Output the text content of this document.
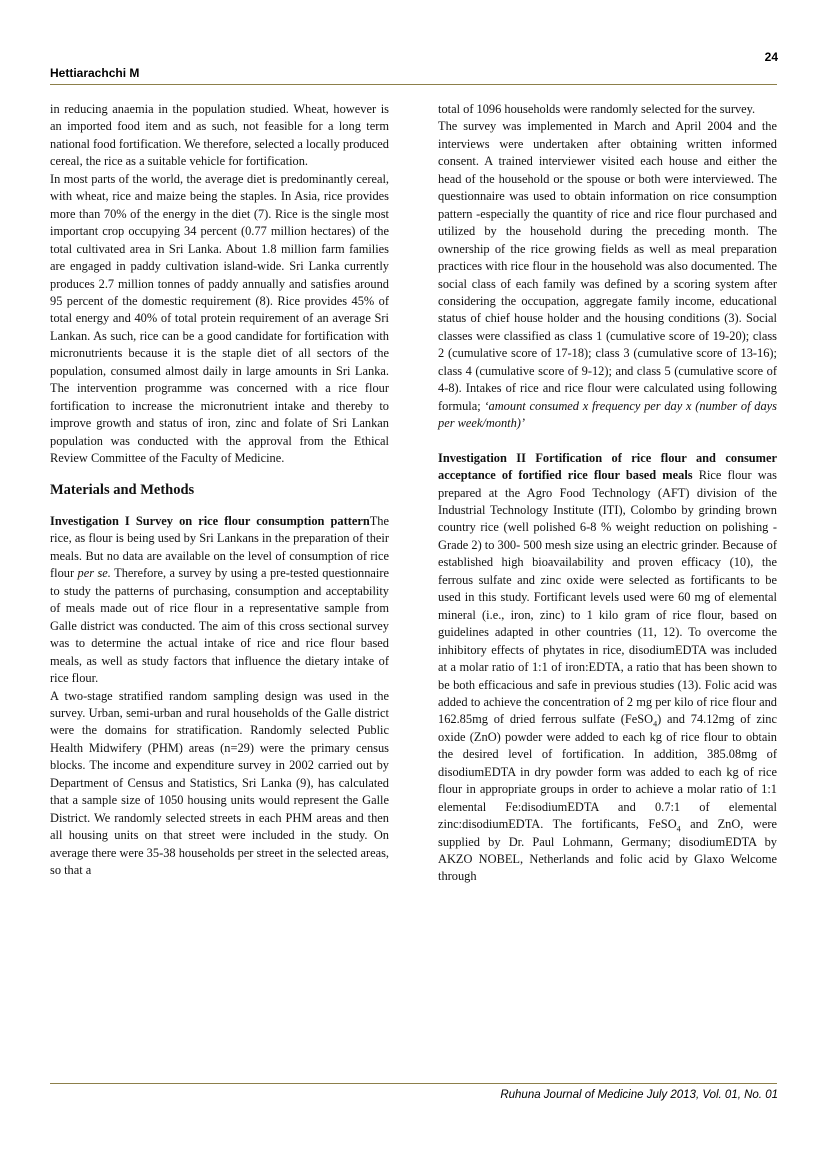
24
Hettiarachchi M

in reducing anaemia in the population studied. Wheat, however is an imported food item and as such, not feasible for a long term national food fortification. We therefore, selected a locally produced cereal, the rice as a suitable vehicle for fortification.

In most parts of the world, the average diet is predominantly cereal, with wheat, rice and maize being the staples. In Asia, rice provides more than 70% of the energy in the diet (7). Rice is the single most important crop occupying 34 percent (0.77 million hectares) of the total cultivated area in Sri Lanka. About 1.8 million farm families are engaged in paddy cultivation island-wide. Sri Lanka currently produces 2.7 million tonnes of paddy annually and satisfies around 95 percent of the domestic requirement (8). Rice provides 45% of total energy and 40% of total protein requirement of an average Sri Lankan. As such, rice can be a good candidate for fortification with micronutrients because it is the staple diet of all sectors of the population, consumed almost daily in large amounts in Sri Lanka. The intervention programme was concerned with a rice flour fortification to increase the micronutrient intake and thereby to improve growth and status of iron, zinc and folate of Sri Lankan population was conducted with the approval from the Ethical Review Committee of the Faculty of Medicine.

Materials and Methods

Investigation I Survey on rice flour consumption patternThe rice, as flour is being used by Sri Lankans in the preparation of their meals. But no data are available on the level of consumption of rice flour per se. Therefore, a survey by using a pre-tested questionnaire to study the patterns of purchasing, consumption and acceptability of meals made out of rice flour in a representative sample from Galle district was conducted. The aim of this cross sectional survey was to determine the actual intake of rice and rice flour based meals, as well as study factors that influence the dietary intake of rice flour.

A two-stage stratified random sampling design was used in the survey. Urban, semi-urban and rural households of the Galle district were the domains for stratification. Randomly selected Public Health Midwifery (PHM) areas (n=29) were the primary census blocks. The income and expenditure survey in 2002 carried out by Department of Census and Statistics, Sri Lanka (9), has calculated that a sample size of 1050 housing units would represent the Galle District. We randomly selected streets in each PHM areas and then all housing units on that street were included in the study. On average there were 35-38 households per street in the selected areas, so that a

total of 1096 households were randomly selected for the survey.

The survey was implemented in March and April 2004 and the interviews were undertaken after obtaining written informed consent. A trained interviewer visited each house and either the head of the household or the spouse or both were interviewed. The questionnaire was used to obtain information on rice consumption pattern -especially the quantity of rice and rice flour purchased and utilized by the household during the preceding month. The ownership of the rice growing fields as well as meal preparation practices with rice flour in the household was also documented. The social class of each family was defined by a scoring system after considering the occupation, aggregate family income, educational status of chief house holder and the housing conditions (3). Social classes were classified as class 1 (cumulative score of 19-20); class 2 (cumulative score of 17-18); class 3 (cumulative score of 13-16); class 4 (cumulative score of 9-12); and class 5 (cumulative score of 4-8). Intakes of rice and rice flour were calculated using following formula; ‘amount consumed x frequency per day x (number of days per week/month)’

Investigation II Fortification of rice flour and consumer acceptance of fortified rice flour based meals Rice flour was prepared at the Agro Food Technology (AFT) division of the Industrial Technology Institute (ITI), Colombo by grinding brown country rice (well polished 6-8 % weight reduction on polishing -Grade 2) to 300- 500 mesh size using an electric grinder. Because of established high bioavailability and proven efficacy (10), the ferrous sulfate and zinc oxide were selected as fortificants to be used in this study. Fortificant levels used were 60 mg of elemental mineral (i.e., iron, zinc) to 1 kilo gram of rice flour, based on guidelines adapted in other countries (11, 12). To overcome the inhibitory effects of phytates in rice, disodiumEDTA was included at a molar ratio of 1:1 of iron:EDTA, a ratio that has been shown to be both efficacious and safe in previous studies (13). Folic acid was added to achieve the concentration of 2 mg per kilo of rice flour and 162.85mg of dried ferrous sulfate (FeSO$_4$) and 74.12mg of zinc oxide (ZnO) powder were added to each kg of rice flour to obtain the desired level of fortification. In addition, 385.08mg of disodiumEDTA in dry powder form was added to each kg of rice flour in appropriate groups in order to achieve a molar ratio of 1:1 elemental Fe:disodiumEDTA and 0.7:1 of elemental zinc:disodiumEDTA. The fortificants, FeSO$_4$ and ZnO, were supplied by Dr. Paul Lohmann, Germany; disodiumEDTA by AKZO NOBEL, Netherlands and folic acid by Glaxo Welcome through

Ruhuna Journal of Medicine July 2013, Vol. 01, No. 01
